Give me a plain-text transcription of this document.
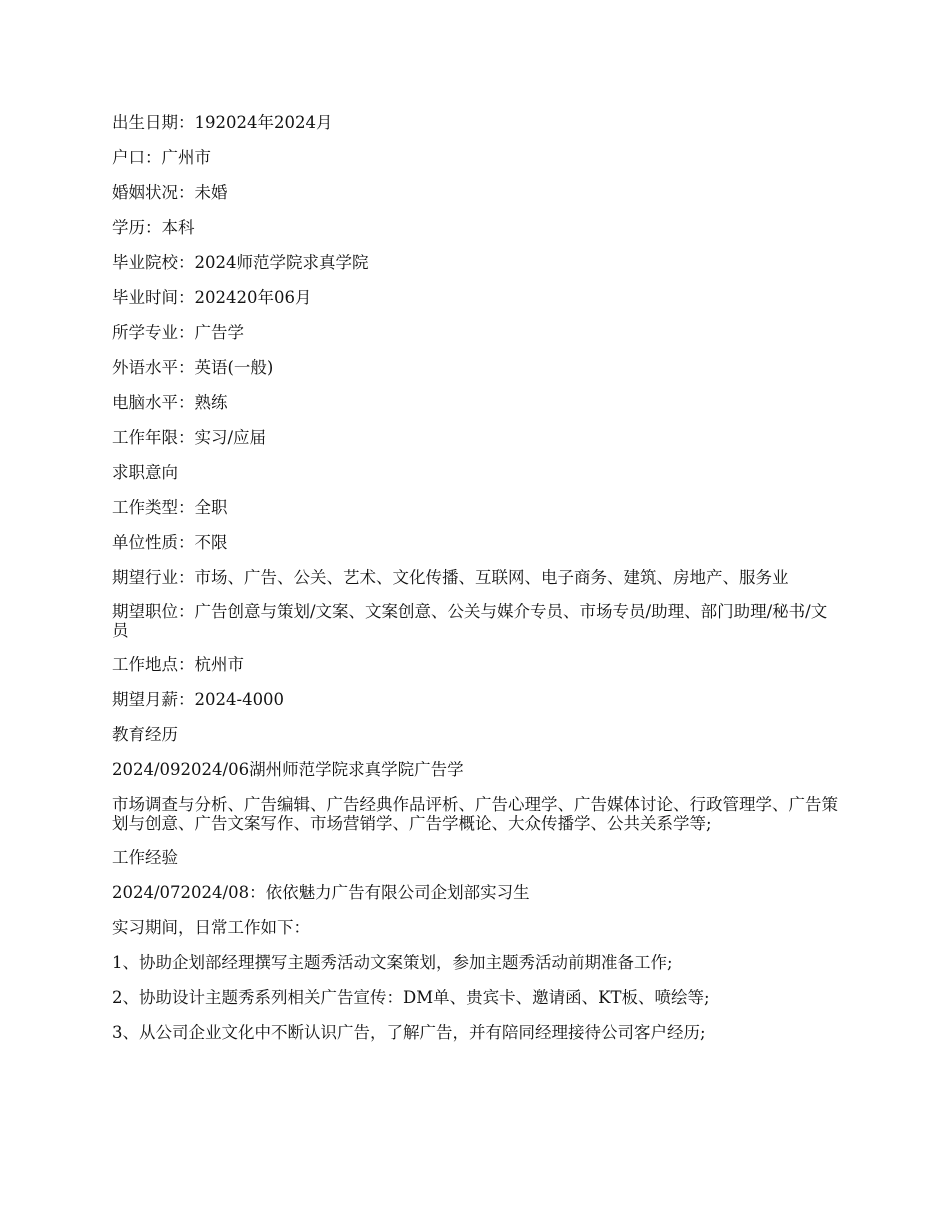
出生日期：192024年2024月

户口：广州市

婚姻状况：未婚

学历：本科

毕业院校：2024师范学院求真学院

毕业时间：202420年06月

所学专业：广告学

外语水平：英语(一般)

电脑水平：熟练

工作年限：实习/应届

求职意向

工作类型：全职

单位性质：不限

期望行业：市场、广告、公关、艺术、文化传播、互联网、电子商务、建筑、房地产、服务业

期望职位：广告创意与策划/文案、文案创意、公关与媒介专员、市场专员/助理、部门助理/秘书/文员

工作地点：杭州市

期望月薪：2024-4000

教育经历

2024/092024/06湖州师范学院求真学院广告学

市场调查与分析、广告编辑、广告经典作品评析、广告心理学、广告媒体讨论、行政管理学、广告策划与创意、广告文案写作、市场营销学、广告学概论、大众传播学、公共关系学等;

工作经验

2024/072024/08：依依魅力广告有限公司企划部实习生

实习期间，日常工作如下：

1、协助企划部经理撰写主题秀活动文案策划，参加主题秀活动前期准备工作;

2、协助设计主题秀系列相关广告宣传：DM单、贵宾卡、邀请函、KT板、喷绘等;

3、从公司企业文化中不断认识广告，了解广告，并有陪同经理接待公司客户经历;
